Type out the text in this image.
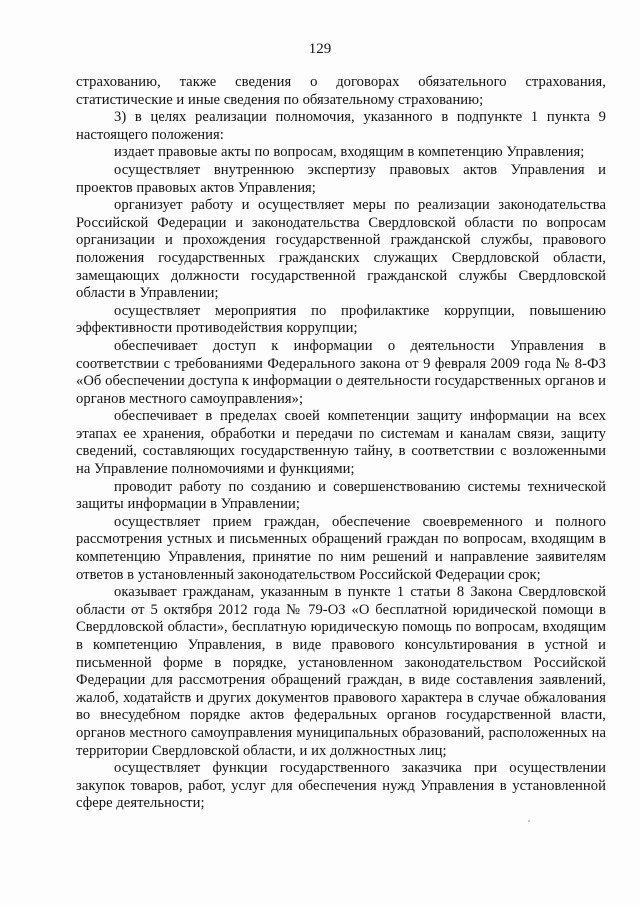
129

страхованию, также сведения о договорах обязательного страхования, статистические и иные сведения по обязательному страхованию;

3) в целях реализации полномочия, указанного в подпункте 1 пункта 9 настоящего положения:

издает правовые акты по вопросам, входящим в компетенцию Управления;

осуществляет внутреннюю экспертизу правовых актов Управления и проектов правовых актов Управления;

организует работу и осуществляет меры по реализации законодательства Российской Федерации и законодательства Свердловской области по вопросам организации и прохождения государственной гражданской службы, правового положения государственных гражданских служащих Свердловской области, замещающих должности государственной гражданской службы Свердловской области в Управлении;

осуществляет мероприятия по профилактике коррупции, повышению эффективности противодействия коррупции;

обеспечивает доступ к информации о деятельности Управления в соответствии с требованиями Федерального закона от 9 февраля 2009 года № 8-ФЗ «Об обеспечении доступа к информации о деятельности государственных органов и органов местного самоуправления»;

обеспечивает в пределах своей компетенции защиту информации на всех этапах ее хранения, обработки и передачи по системам и каналам связи, защиту сведений, составляющих государственную тайну, в соответствии с возложенными на Управление полномочиями и функциями;

проводит работу по созданию и совершенствованию системы технической защиты информации в Управлении;

осуществляет прием граждан, обеспечение своевременного и полного рассмотрения устных и письменных обращений граждан по вопросам, входящим в компетенцию Управления, принятие по ним решений и направление заявителям ответов в установленный законодательством Российской Федерации срок;

оказывает гражданам, указанным в пункте 1 статьи 8 Закона Свердловской области от 5 октября 2012 года № 79-ОЗ «О бесплатной юридической помощи в Свердловской области», бесплатную юридическую помощь по вопросам, входящим в компетенцию Управления, в виде правового консультирования в устной и письменной форме в порядке, установленном законодательством Российской Федерации для рассмотрения обращений граждан, в виде составления заявлений, жалоб, ходатайств и других документов правового характера в случае обжалования во внесудебном порядке актов федеральных органов государственной власти, органов местного самоуправления муниципальных образований, расположенных на территории Свердловской области, и их должностных лиц;

осуществляет функции государственного заказчика при осуществлении закупок товаров, работ, услуг для обеспечения нужд Управления в установленной сфере деятельности;
